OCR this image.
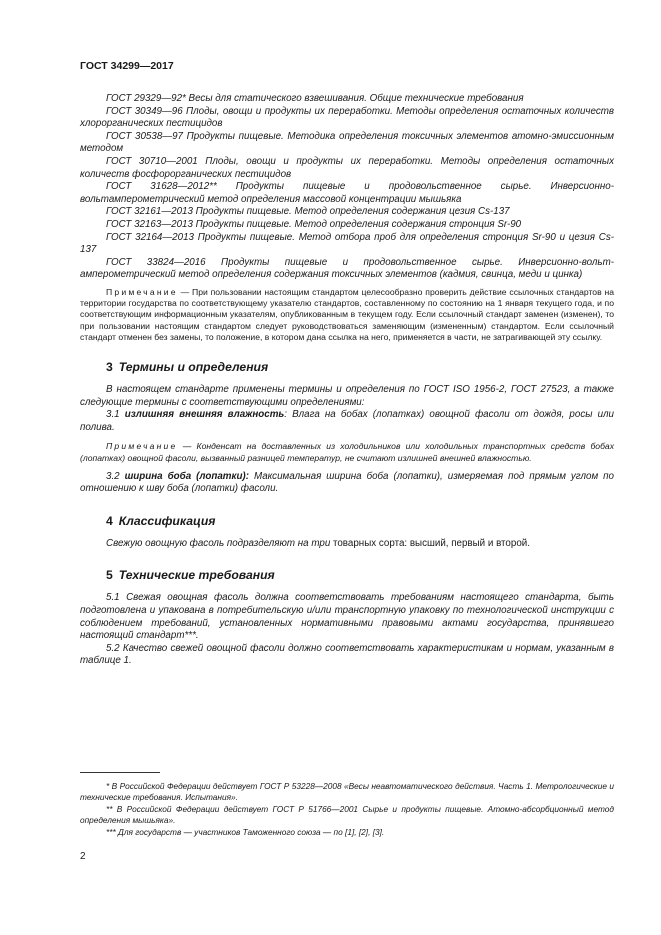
ГОСТ 34299—2017

ГОСТ 29329—92* Весы для статического взвешивания. Общие технические требования

ГОСТ 30349—96 Плоды, овощи и продукты их переработки. Методы определения остаточных количеств хлорорганических пестицидов

ГОСТ 30538—97 Продукты пищевые. Методика определения токсичных элементов атомно-эмиссионным методом

ГОСТ 30710—2001 Плоды, овощи и продукты их переработки. Методы определения остаточных количеств фосфорорганических пестицидов

ГОСТ 31628—2012** Продукты пищевые и продовольственное сырье. Инверсионно-вольтамперометрический метод определения массовой концентрации мышьяка

ГОСТ 32161—2013 Продукты пищевые. Метод определения содержания цезия Cs-137

ГОСТ 32163—2013 Продукты пищевые. Метод определения содержания стронция Sr-90

ГОСТ 32164—2013 Продукты пищевые. Метод отбора проб для определения стронция Sr-90 и цезия Cs-137

ГОСТ 33824—2016 Продукты пищевые и продовольственное сырье. Инверсионно-вольт-амперометрический метод определения содержания токсичных элементов (кадмия, свинца, меди и цинка)

Примечание — При пользовании настоящим стандартом целесообразно проверить действие ссылочных стандартов на территории государства по соответствующему указателю стандартов, составленному по состоянию на 1 января текущего года, и по соответствующим информационным указателям, опубликованным в текущем году. Если ссылочный стандарт заменен (изменен), то при пользовании настоящим стандартом следует руководствоваться заменяющим (измененным) стандартом. Если ссылочный стандарт отменен без замены, то положение, в котором дана ссылка на него, применяется в части, не затрагивающей эту ссылку.

3 Термины и определения

В настоящем стандарте применены термины и определения по ГОСТ ISO 1956-2, ГОСТ 27523, а также следующие термины с соответствующими определениями:

3.1 излишняя внешняя влажность: Влага на бобах (лопатках) овощной фасоли от дождя, росы или полива.

Примечание — Конденсат на доставленных из холодильников или холодильных транспортных средств бобах (лопатках) овощной фасоли, вызванный разницей температур, не считают излишней внешней влажностью.

3.2 ширина боба (лопатки): Максимальная ширина боба (лопатки), измеряемая под прямым углом по отношению к шву боба (лопатки) фасоли.

4 Классификация

Свежую овощную фасоль подразделяют на три товарных сорта: высший, первый и второй.

5 Технические требования

5.1 Свежая овощная фасоль должна соответствовать требованиям настоящего стандарта, быть подготовлена и упакована в потребительскую и/или транспортную упаковку по технологической инструкции с соблюдением требований, установленных нормативными правовыми актами государства, принявшего настоящий стандарт***.

5.2 Качество свежей овощной фасоли должно соответствовать характеристикам и нормам, указанным в таблице 1.

* В Российской Федерации действует ГОСТ Р 53228—2008 «Весы неавтоматического действия. Часть 1. Метрологические и технические требования. Испытания».

** В Российской Федерации действует ГОСТ Р 51766—2001 Сырье и продукты пищевые. Атомно-абсорбционный метод определения мышьяка».

*** Для государств — участников Таможенного союза — по [1], [2], [3].

2
